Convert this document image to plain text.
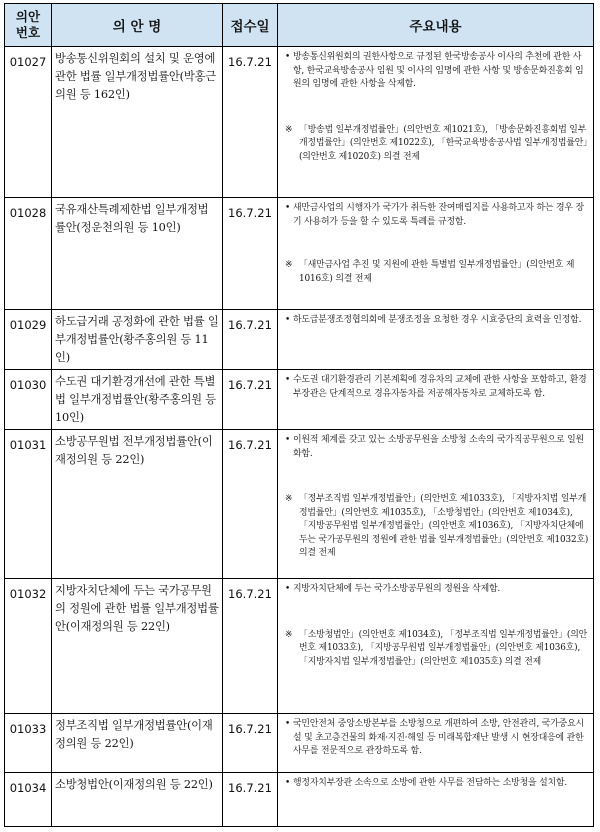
의안
번호	의 안 명	접수일	주요내용
01027	방송통신위원회의 설치 및 운영에 관한 법률 일부개정법률안(박홍근의원 등 162인)	16.7.21	• 방송통신위원회의 권한사항으로 규정된 한국방송공사 이사의 추천에 관한 사항, 한국교육방송공사 임원 및 이사의 임명에 관한 사항 및 방송문화진흥회 임원의 임명에 관한 사항을 삭제함.
※ 「방송법 일부개정법률안」(의안번호 제1021호), 「방송문화진흥회법 일부개정법률안」(의안번호 제1022호), 「한국교육방송공사법 일부개정법률안」(의안번호 제1020호) 의결 전제

01028	국유재산특례제한법 일부개정법률안(정운천의원 등 10인)	16.7.21	• 새만금사업의 시행자가 국가가 취득한 잔여매립지를 사용하고자 하는 경우 장기 사용허가 등을 할 수 있도록 특례를 규정함.
※ 「새만금사업 추진 및 지원에 관한 특별법 일부개정법률안」(의안번호 제1016호) 의결 전제

01029	하도급거래 공정화에 관한 법률 일부개정법률안(황주홍의원 등 11인)	16.7.21	• 하도급분쟁조정협의회에 분쟁조정을 요청한 경우 시효중단의 효력을 인정함.

01030	수도권 대기환경개선에 관한 특별법 일부개정법률안(황주홍의원 등 10인)	16.7.21	• 수도권 대기환경관리 기본계획에 경유차의 교체에 관한 사항을 포함하고, 환경부장관은 단계적으로 경유자동차를 저공해자동차로 교체하도록 함.

01031	소방공무원법 전부개정법률안(이재정의원 등 22인)	16.7.21	• 이원적 체계를 갖고 있는 소방공무원을 소방청 소속의 국가직공무원으로 일원화함.
※ 「정부조직법 일부개정법률안」(의안번호 제1033호), 「지방자치법 일부개정법률안」(의안번호 제1035호), 「소방청법안」(의안번호 제1034호), 「지방공무원법 일부개정법률안」(의안번호 제1036호), 「지방자치단체에 두는 국가공무원의 정원에 관한 법률 일부개정법률안」(의안번호 제1032호) 의결 전제

01032	지방자치단체에 두는 국가공무원의 정원에 관한 법률 일부개정법률안(이재정의원 등 22인)	16.7.21	• 지방자치단체에 두는 국가소방공무원의 정원을 삭제함.
※ 「소방청법안」(의안번호 제1034호), 「정부조직법 일부개정법률안」(의안번호 제1033호), 「지방공무원법 일부개정법률안」(의안번호 제1036호), 「지방자치법 일부개정법률안」(의안번호 제1035호) 의결 전제

01033	정부조직법 일부개정법률안(이재정의원 등 22인)	16.7.21	• 국민안전처 중앙소방본부를 소방청으로 개편하여 소방, 안전관리, 국가중요시설 및 초고층건물의 화재·지진·해일 등 미래복합재난 발생 시 현장대응에 관한 사무를 전문적으로 관장하도록 함.

01034	소방청법안(이재정의원 등 22인)	16.7.21	• 행정자치부장관 소속으로 소방에 관한 사무를 전담하는 소방청을 설치함.
